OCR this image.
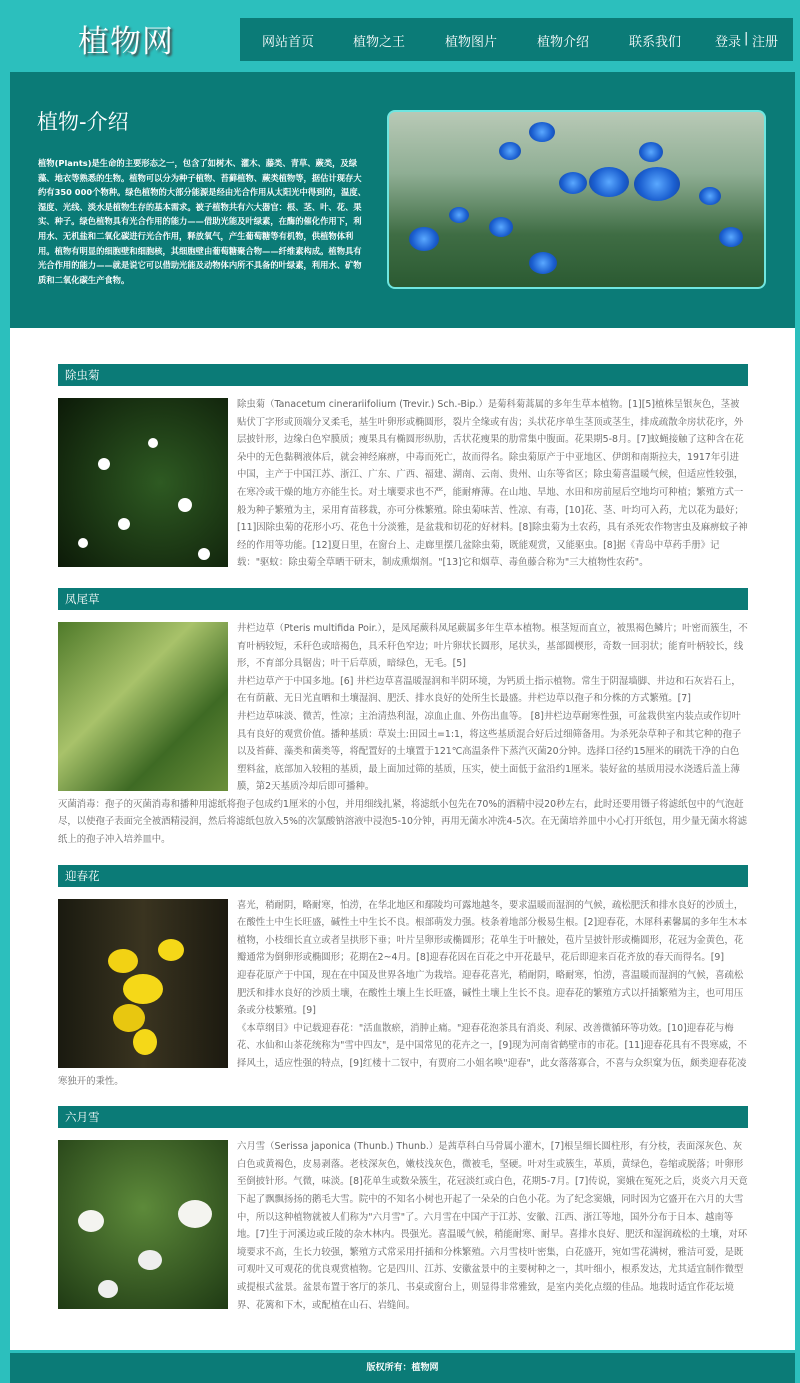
植物网	网站首页	植物之王	植物图片	植物介绍	联系我们	登录 | 注册
植物-介绍

植物(Plants)是生命的主要形态之一，包含了如树木、灌木、藤类、青草、蕨类，及绿藻、地衣等熟悉的生物。植物可以分为种子植物、苔藓植物、蕨类植物等，据估计现存大约有350 000个物种。绿色植物的大部分能源是经由光合作用从太阳光中得到的，温度、湿度、光线、淡水是植物生存的基本需求。被子植物共有六大器官：根、茎、叶、花、果实、种子。绿色植物具有光合作用的能力——借助光能及叶绿素，在酶的催化作用下，利用水、无机盐和二氧化碳进行光合作用，释放氧气，产生葡萄糖等有机物，供植物体利用。植物有明显的细胞壁和细胞核，其细胞壁由葡萄糖聚合物——纤维素构成。植物具有光合作用的能力——就是说它可以借助光能及动物体内所不具备的叶绿素，利用水、矿物质和二氧化碳生产食物。

除虫菊

除虫菊（Tanacetum cinerariifolium (Trevir.) Sch.-Bip.）是菊科菊蒿属的多年生草本植物。[1][5]植株呈银灰色，茎被贴伏丁字形或顶端分叉柔毛，基生叶卵形或椭圆形，裂片全缘或有齿；头状花序单生茎顶或茎生，排成疏散伞房状花序，外层披针形，边缘白色窄膜质；瘦果具有椭圆形纵肋，舌状花瘦果的肋常集中腹面。花果期5-8月。[7]蚊蝇接触了这种含在花朵中的无色黏稠液体后，就会神经麻痹，中毒而死亡，故而得名。除虫菊原产于中亚地区、伊朗和南斯拉夫，1917年引进中国，主产于中国江苏、浙江、广东、广西、福建、湖南、云南、贵州、山东等省区；除虫菊喜温暖气候，但适应性较强，在寒冷或干燥的地方亦能生长。对土壤要求也不严，能耐瘠薄。在山地、旱地、水田和房前屋后空地均可种植；繁殖方式一般为种子繁殖为主，采用育苗移栽，亦可分株繁殖。除虫菊味苦、性凉、有毒，[10]花、茎、叶均可入药，尤以花为最好；[11]因除虫菊的花形小巧、花色十分淡雅，是盆栽和切花的好材料。[8]除虫菊为土农药，具有杀死农作物害虫及麻痹蚊子神经的作用等功能。[12]夏日里，在窗台上、走廊里摆几盆除虫菊，既能观赏，又能驱虫。[8]据《青岛中草药手册》记载："驱蚊：除虫菊全草晒干研末，制成熏烟剂。"[13]它和烟草、毒鱼藤合称为"三大植物性农药"。

凤尾草

井栏边草（Pteris multifida Poir.），是凤尾蕨科凤尾蕨属多年生草本植物。根茎短而直立，被黑褐色鳞片；叶密而簇生，不育叶柄较短，禾秆色或暗褐色，具禾秆色窄边；叶片卵状长圆形，尾状头，基部圆楔形，奇数一回羽状；能育叶柄较长，线形，不育部分具锯齿；叶干后草质，暗绿色，无毛。[5]

井栏边草产于中国多地。[6] 井栏边草喜温暖湿润和半阴环境，为钙质土指示植物。常生于阴湿墙脚、井边和石灰岩石上，在有荫蔽、无日光直晒和土壤湿润、肥沃、排水良好的处所生长最盛。井栏边草以孢子和分株的方式繁殖。[7]

井栏边草味淡、微苦，性凉；主治清热利湿，凉血止血、外伤出血等。 [8]井栏边草耐寒性强，可盆栽供室内装点或作切叶具有良好的观赏价值。播种基质：草炭土:田园土=1:1，将这些基质混合好后过细筛备用。为杀死杂草种子和其它种的孢子以及苔藓、藻类和菌类等，将配置好的土壤置于121℃高温条件下蒸汽灭菌20分钟。选择口径约15厘米的刷洗干净的白色塑料盆，底部加入较粗的基质，最上面加过筛的基质，压实，使土面低于盆沿约1厘米。装好盆的基质用浸水浇透后盖上薄膜，第2天基质冷却后即可播种。

灭菌消毒：孢子的灭菌消毒和播种用滤纸将孢子包成约1厘米的小包，并用细线扎紧，将滤纸小包先在70%的酒精中浸20秒左右，此时还要用镊子将滤纸包中的气泡赶尽，以使孢子表面完全被酒精浸润，然后将滤纸包放入5%的次氯酸钠溶液中浸泡5-10分钟，再用无菌水冲洗4-5次。在无菌培养皿中小心打开纸包，用少量无菌水将滤纸上的孢子冲入培养皿中。

迎春花

喜光，稍耐阴，略耐寒，怕涝，在华北地区和鄢陵均可露地越冬，要求温暖而湿润的气候，疏松肥沃和排水良好的沙质土，在酸性土中生长旺盛，碱性土中生长不良。根部萌发力强。枝条着地部分极易生根。[2]迎春花，木犀科素馨属的多年生木本植物，小枝细长直立或者呈拱形下垂；叶片呈卵形或椭圆形；花单生于叶腋处，苞片呈披针形或椭圆形，花冠为金黄色，花瓣通常为倒卵形或椭圆形；花期在2~4月。[8]迎春花因在百花之中开花最早，花后即迎来百花齐放的春天而得名。[9]

迎春花原产于中国，现在在中国及世界各地广为栽培。迎春花喜光，稍耐阴，略耐寒，怕涝，喜温暖而湿润的气候，喜疏松肥沃和排水良好的沙质土壤，在酸性土壤上生长旺盛，碱性土壤上生长不良。迎春花的繁殖方式以扦插繁殖为主，也可用压条或分枝繁殖。[9]

《本草纲目》中记载迎春花："活血散瘀，消肿止痛。"迎春花泡茶具有消炎、利尿、改善微循环等功效。[10]迎春花与梅花、水仙和山茶花统称为"雪中四友"，是中国常见的花卉之一，[9]现为河南省鹤壁市的市花。[11]迎春花具有不畏寒威，不择风土，适应性强的特点，[9]红楼十二钗中，有贾府二小姐名唤"迎春"，此女落落寡合，不喜与众织窠为伍，颇类迎春花凌寒独开的秉性。

六月雪

六月雪（Serissa japonica (Thunb.) Thunb.）是茜草科白马骨属小灌木，[7]根呈细长圆柱形，有分枝，表面深灰色、灰白色或黄褐色，皮易剥落。老枝深灰色，嫩枝浅灰色，微被毛，坚硬。叶对生或簇生，革质，黄绿色，卷缩或脱落；叶卵形至倒披针形。气微，味淡。[8]花单生或数朵簇生，花冠淡红或白色，花期5-7月。[7]传说，窦娥在冤死之后，炎炎六月天竟下起了飘飘扬扬的鹅毛大雪。院中的不知名小树也开起了一朵朵的白色小花。为了纪念窦娥，同时因为它盛开在六月的大雪中，所以这种植物就被人们称为"六月雪"了。六月雪在中国产于江苏、安徽、江西、浙江等地，国外分布于日本、越南等地。[7]生于河溪边或丘陵的杂木林内。畏强光。喜温暖气候，稍能耐寒、耐旱。喜排水良好、肥沃和湿润疏松的土壤，对环境要求不高，生长力较强，繁殖方式常采用扦插和分株繁殖。六月雪枝叶密集，白花盛开，宛如雪花满树，雅洁可爱，是既可观叶又可观花的优良观赏植物。它是四川、江苏、安徽盆景中的主要树种之一，其叶细小，根系发达，尤其适宜制作微型或提根式盆景。盆景布置于客厅的茶几、书桌或窗台上，则显得非常雅致，是室内美化点缀的佳品。地栽时适宜作花坛境界、花篱和下木，或配植在山石、岩缝间。

版权所有：植物网
